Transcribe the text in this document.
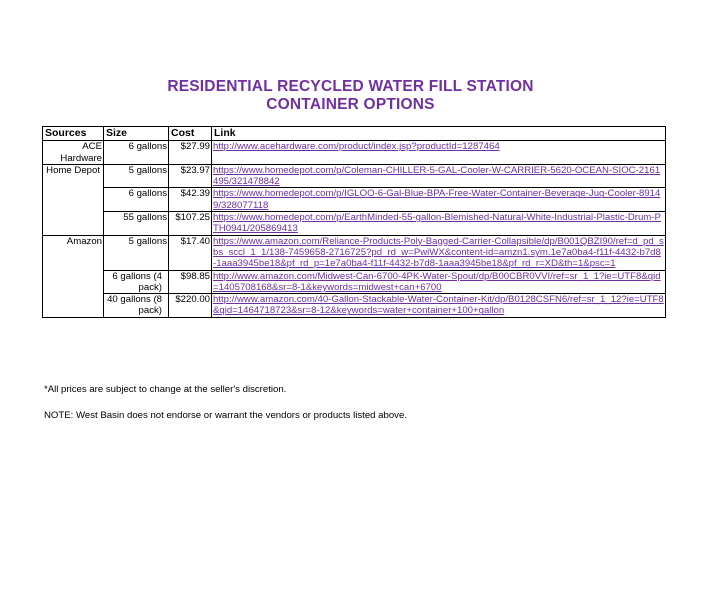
RESIDENTIAL RECYCLED WATER FILL STATION
CONTAINER OPTIONS
Sources	Size	Cost	Link
ACE Hardware	6 gallons	$27.99	http://www.acehardware.com/product/index.jsp?productId=1287464
Home Depot	5 gallons	$23.97	https://www.homedepot.com/p/Coleman-CHILLER-5-GAL-Cooler-W-CARRIER-5620-OCEAN-SIOC-2161495/321478842
	6 gallons	$42.39	https://www.homedepot.com/p/IGLOO-6-Gal-Blue-BPA-Free-Water-Container-Beverage-Jug-Cooler-89149/328077118
	55 gallons	$107.25	https://www.homedepot.com/p/EarthMinded-55-gallon-Blemished-Natural-White-Industrial-Plastic-Drum-PTH0941/205869413
Amazon	5 gallons	$17.40	https://www.amazon.com/Reliance-Products-Poly-Bagged-Carrier-Collapsible/dp/B001QBZI90/ref=d_pd_sbs_sccl_1_1/138-7459658-2716725?pd_rd_w=PwiWX&content-id=amzn1.sym.1e7a0ba4-f11f-4432-b7d8-1aaa3945be18&pf_rd_p=1e7a0ba4-f11f-4432-b7d8-1aaa3945be18&pf_rd_r=XD&th=1&psc=1
	6 gallons (4 pack)	$98.85	http://www.amazon.com/Midwest-Can-6700-4PK-Water-Spout/dp/B00CBR0VVI/ref=sr_1_1?ie=UTF8&qid=1405708168&sr=8-1&keywords=midwest+can+6700
	40 gallons (8 pack)	$220.00	http://www.amazon.com/40-Gallon-Stackable-Water-Container-Kit/dp/B0128CSFN6/ref=sr_1_12?ie=UTF8&qid=1464718723&sr=8-12&keywords=water+container+100+gallon
*All prices are subject to change at the seller's discretion.
NOTE: West Basin does not endorse or warrant the vendors or products listed above.
